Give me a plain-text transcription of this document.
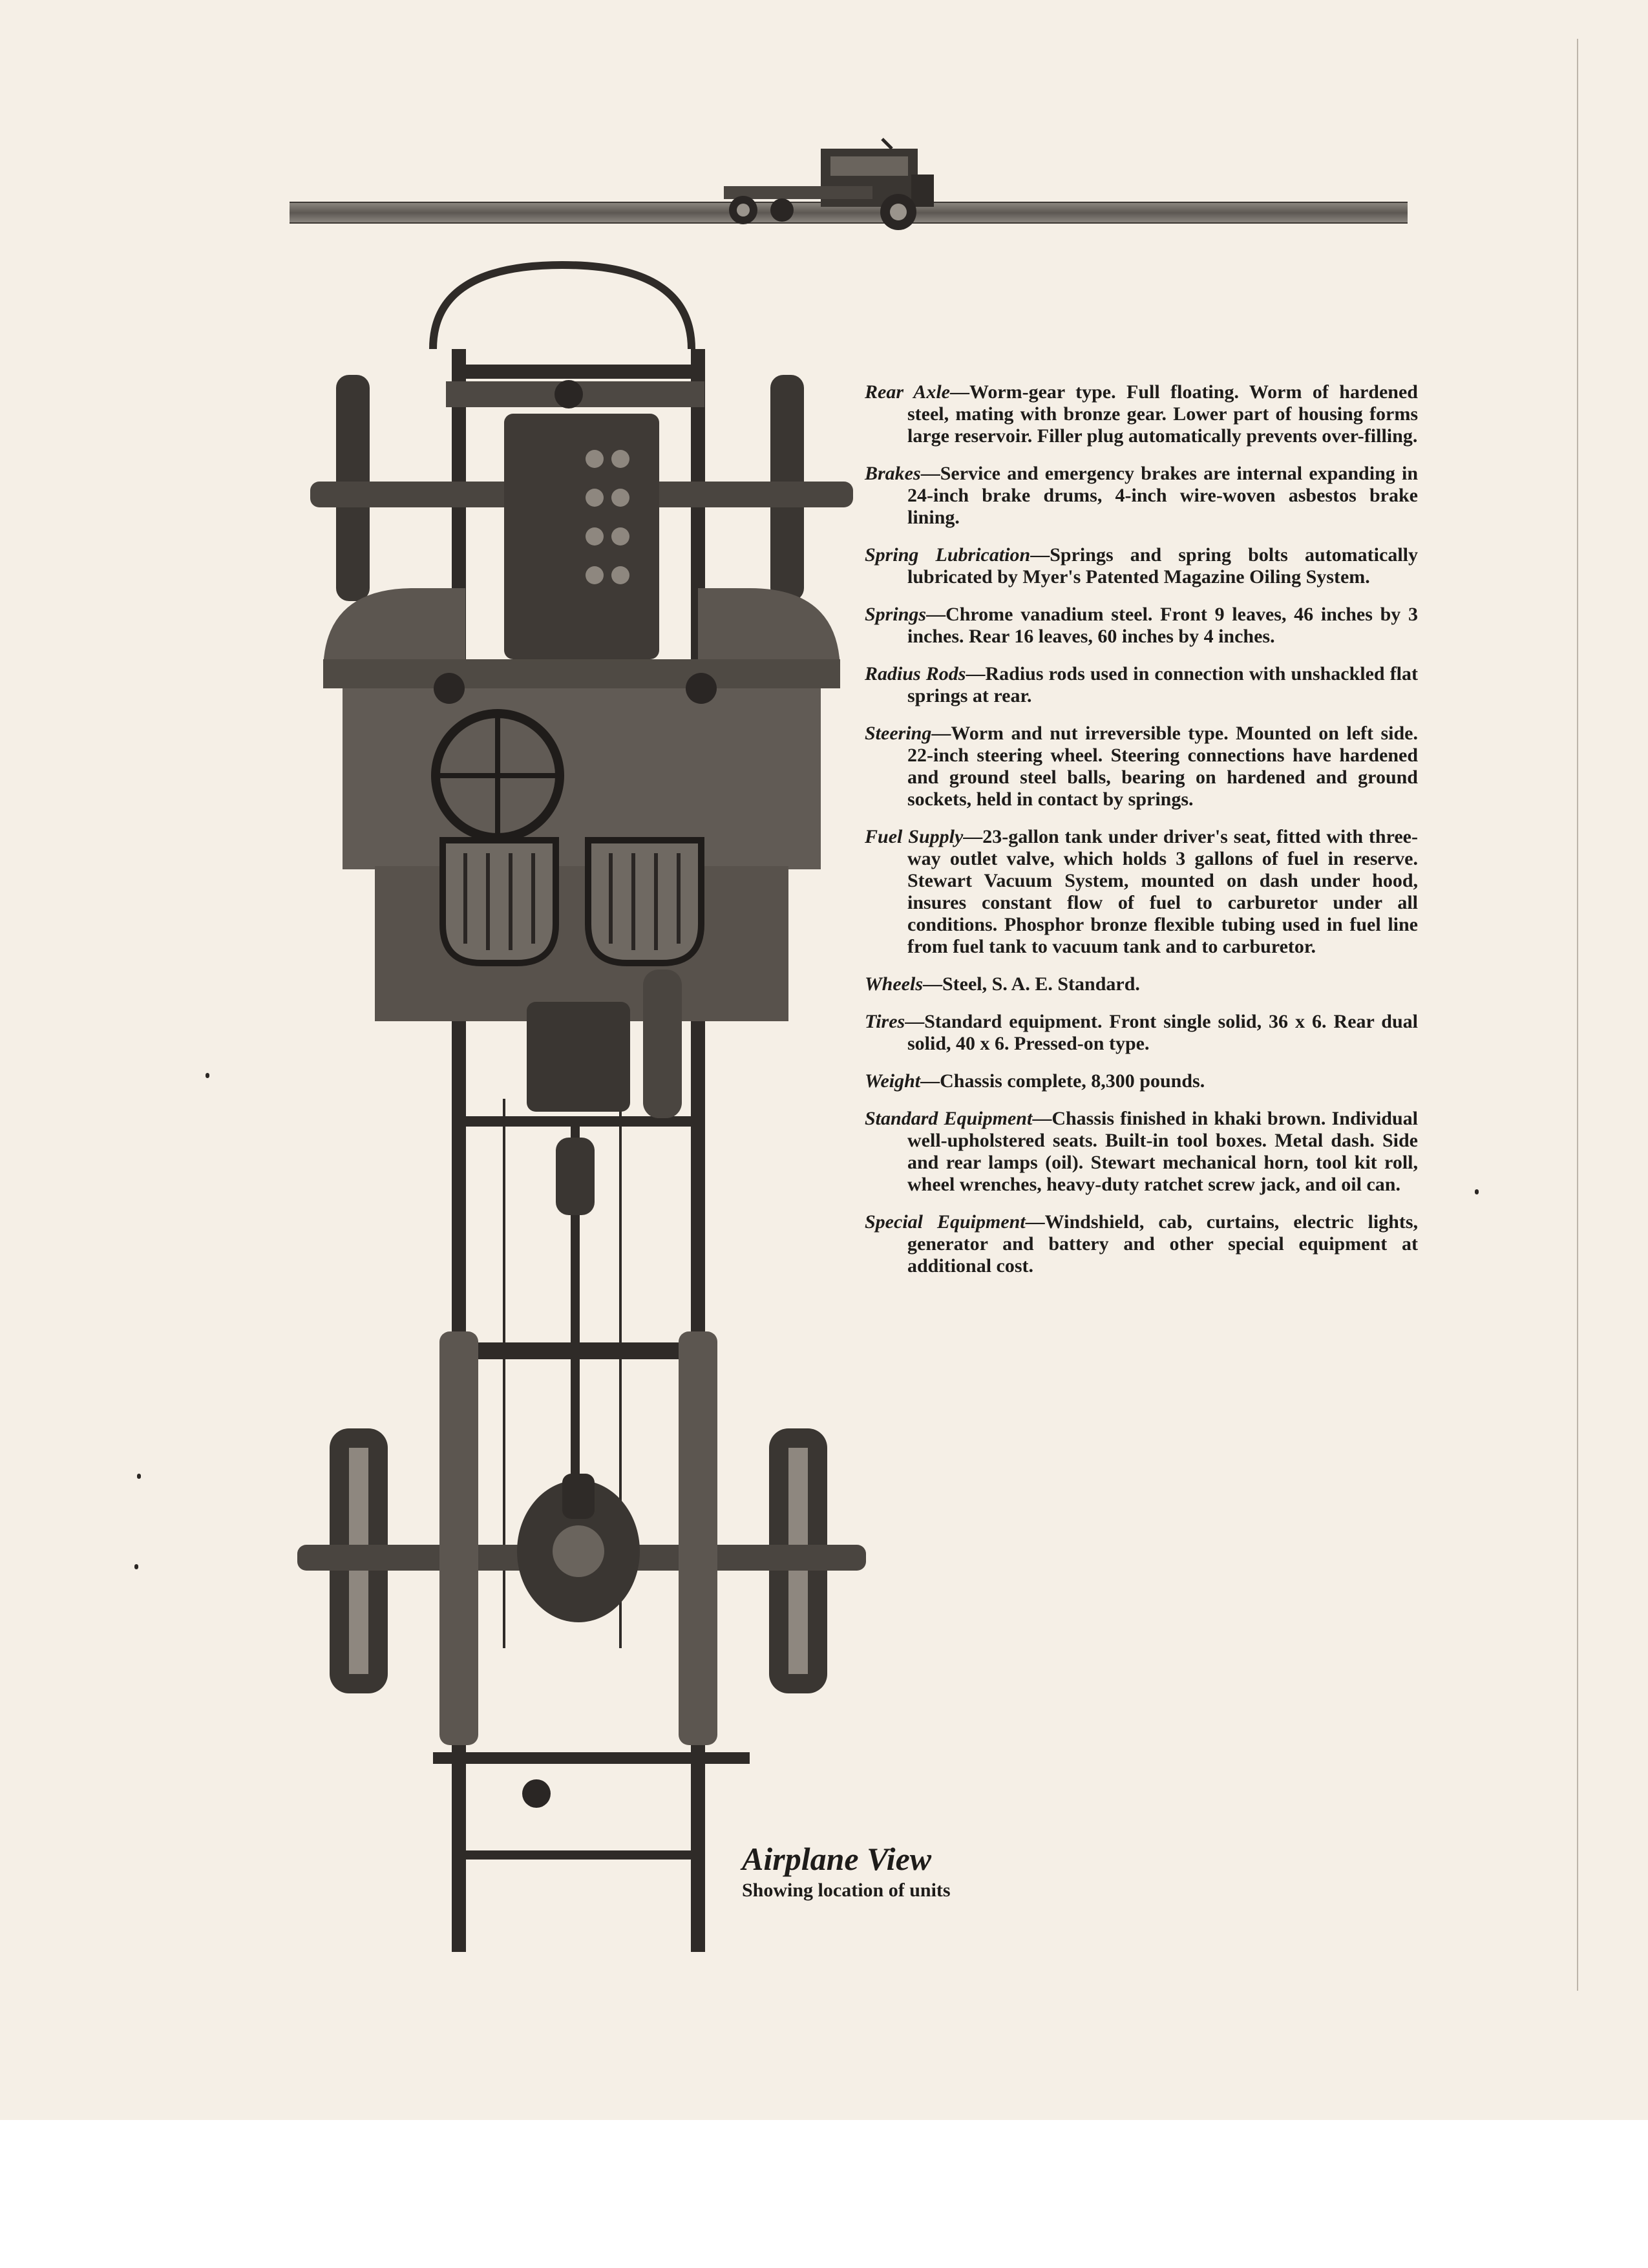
Rear Axle—Worm-gear type. Full floating. Worm of hardened steel, mating with bronze gear. Lower part of housing forms large reservoir. Filler plug automatically prevents over-filling.

Brakes—Service and emergency brakes are internal expanding in 24-inch brake drums, 4-inch wire-woven asbestos brake lining.

Spring Lubrication—Springs and spring bolts automatically lubricated by Myer's Patented Magazine Oiling System.

Springs—Chrome vanadium steel. Front 9 leaves, 46 inches by 3 inches. Rear 16 leaves, 60 inches by 4 inches.

Radius Rods—Radius rods used in connection with unshackled flat springs at rear.

Steering—Worm and nut irreversible type. Mounted on left side. 22-inch steering wheel. Steering connections have hardened and ground steel balls, bearing on hardened and ground sockets, held in contact by springs.

Fuel Supply—23-gallon tank under driver's seat, fitted with three-way outlet valve, which holds 3 gallons of fuel in reserve. Stewart Vacuum System, mounted on dash under hood, insures constant flow of fuel to carburetor under all conditions. Phosphor bronze flexible tubing used in fuel line from fuel tank to vacuum tank and to carburetor.

Wheels—Steel, S. A. E. Standard.

Tires—Standard equipment. Front single solid, 36 x 6. Rear dual solid, 40 x 6. Pressed-on type.

Weight—Chassis complete, 8,300 pounds.

Standard Equipment—Chassis finished in khaki brown. Individual well-upholstered seats. Built-in tool boxes. Metal dash. Side and rear lamps (oil). Stewart mechanical horn, tool kit roll, wheel wrenches, heavy-duty ratchet screw jack, and oil can.

Special Equipment—Windshield, cab, curtains, electric lights, generator and battery and other special equipment at additional cost.

Airplane View
Showing location of units
